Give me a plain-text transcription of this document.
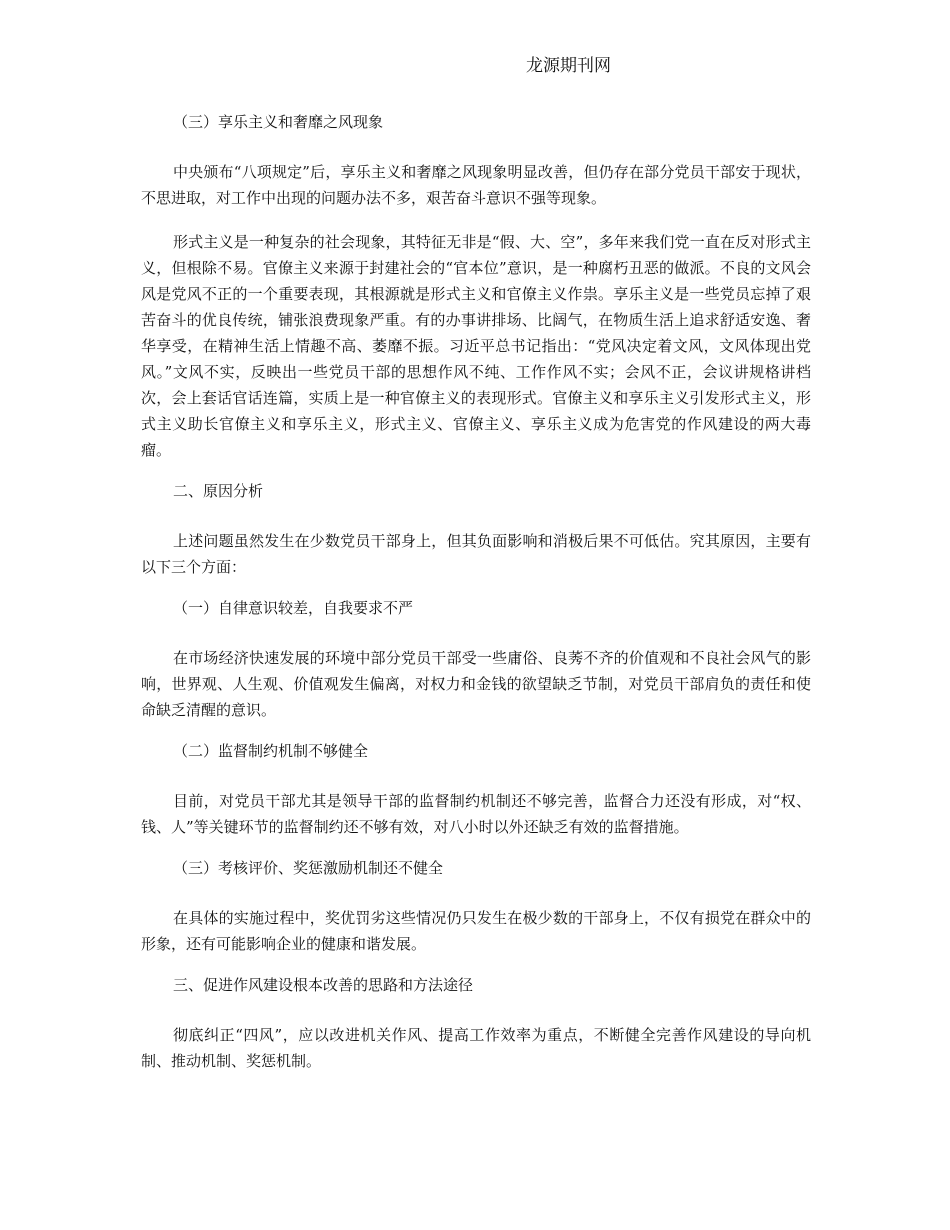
龙源期刊网
（三）享乐主义和奢靡之风现象
中央颁布“八项规定”后，享乐主义和奢靡之风现象明显改善，但仍存在部分党员干部安于现状，不思进取，对工作中出现的问题办法不多，艰苦奋斗意识不强等现象。
形式主义是一种复杂的社会现象，其特征无非是“假、大、空”，多年来我们党一直在反对形式主义，但根除不易。官僚主义来源于封建社会的“官本位”意识，是一种腐朽丑恶的做派。不良的文风会风是党风不正的一个重要表现，其根源就是形式主义和官僚主义作祟。享乐主义是一些党员忘掉了艰苦奋斗的优良传统，铺张浪费现象严重。有的办事讲排场、比阔气，在物质生活上追求舒适安逸、奢华享受，在精神生活上情趣不高、萎靡不振。习近平总书记指出：“党风决定着文风，文风体现出党风。”文风不实，反映出一些党员干部的思想作风不纯、工作作风不实；会风不正，会议讲规格讲档次，会上套话官话连篇，实质上是一种官僚主义的表现形式。官僚主义和享乐主义引发形式主义，形式主义助长官僚主义和享乐主义，形式主义、官僚主义、享乐主义成为危害党的作风建设的两大毒瘤。
二、原因分析
上述问题虽然发生在少数党员干部身上，但其负面影响和消极后果不可低估。究其原因，主要有以下三个方面：
（一）自律意识较差，自我要求不严
在市场经济快速发展的环境中部分党员干部受一些庸俗、良莠不齐的价值观和不良社会风气的影响，世界观、人生观、价值观发生偏离，对权力和金钱的欲望缺乏节制，对党员干部肩负的责任和使命缺乏清醒的意识。
（二）监督制约机制不够健全
目前，对党员干部尤其是领导干部的监督制约机制还不够完善，监督合力还没有形成，对“权、钱、人”等关键环节的监督制约还不够有效，对八小时以外还缺乏有效的监督措施。
（三）考核评价、奖惩激励机制还不健全
在具体的实施过程中，奖优罚劣这些情况仍只发生在极少数的干部身上，不仅有损党在群众中的形象，还有可能影响企业的健康和谐发展。
三、促进作风建设根本改善的思路和方法途径
彻底纠正“四风”，应以改进机关作风、提高工作效率为重点，不断健全完善作风建设的导向机制、推动机制、奖惩机制。
